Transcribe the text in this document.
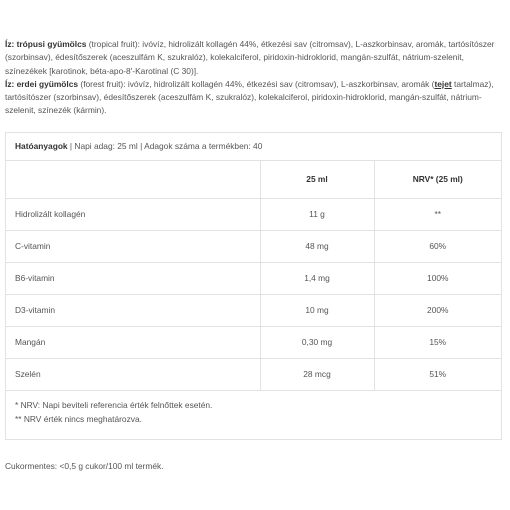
Íz: trópusi gyümölcs (tropical fruit): ivóvíz, hidrolizált kollagén 44%, étkezési sav (citromsav), L-aszkorbinsav, aromák, tartósítószer (szorbinsav), édesítőszerek (aceszulfám K, szukralóz), kolekalciferol, piridoxin-hidroklorid, mangán-szulfát, nátrium-szelenit, színezékek [karotinok, béta-apo-8'-Karotinal (C 30)].

Íz: erdei gyümölcs (forest fruit): ivóvíz, hidrolizált kollagén 44%, étkezési sav (citromsav), L-aszkorbinsav, aromák (tejet tartalmaz), tartósítószer (szorbinsav), édesítőszerek (aceszulfám K, szukralóz), kolekalciferol, piridoxin-hidroklorid, mangán-szulfát, nátrium-szelenit, színezék (kármin).

Hatóanyagok | Napi adag: 25 ml | Adagok száma a termékben: 40
	25 ml	NRV* (25 ml)
Hidrolizált kollagén	11 g	**
C-vitamin	48 mg	60%
B6-vitamin	1,4 mg	100%
D3-vitamin	10 mg	200%
Mangán	0,30 mg	15%
Szelén	28 mcg	51%

* NRV: Napi beviteli referencia érték felnőttek esetén.

** NRV érték nincs meghatározva.

Cukormentes: <0,5 g cukor/100 ml termék.
